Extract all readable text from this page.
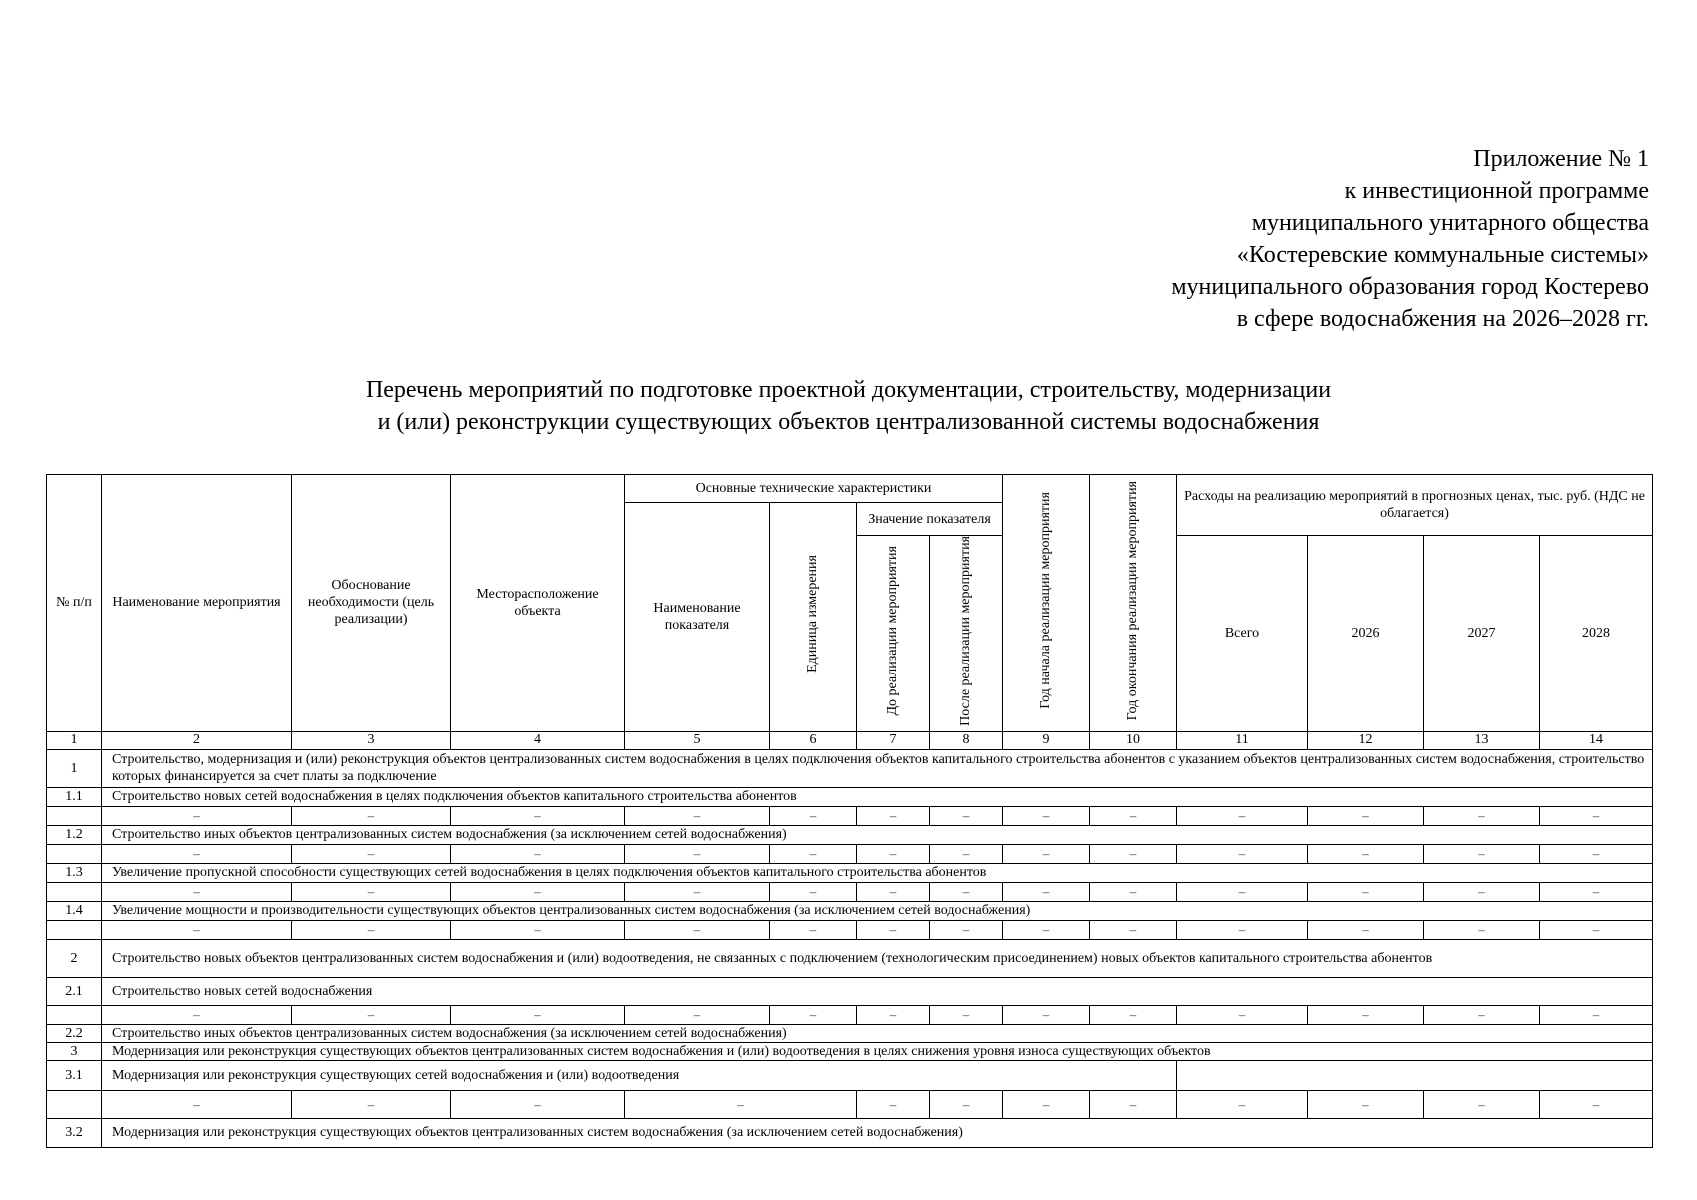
Приложение № 1
к инвестиционной программе
муниципального унитарного общества
«Костеревские коммунальные системы»
муниципального образования город Костерево
в сфере водоснабжения на 2026–2028 гг.
Перечень мероприятий по подготовке проектной документации, строительству, модернизации
и (или) реконструкции существующих объектов централизованной системы водоснабжения
№ п/п	Наименование мероприятия	Обоснование необходимости (цель реализации)	Месторасположение объекта	Основные технические характеристики				Год начала реализации мероприятия	Год окончания реализации мероприятия	Расходы на реализацию мероприятий в прогнозных ценах, тыс. руб. (НДС не облагается)			
				Наименование показателя	Единица измерения	Значение показателя							
						До реализации мероприятия	После реализации мероприятия			Всего	2026	2027	2028

1	2	3	4	5	6	7	8	9	10	11	12	13	14
1	Строительство, модернизация и (или) реконструкция объектов централизованных систем водоснабжения в целях подключения объектов капитального строительства абонентов с указанием объектов централизованных систем водоснабжения, строительство которых финансируется за счет платы за подключение												
1.1	Строительство новых сетей водоснабжения в целях подключения объектов капитального строительства абонентов												
	–	–	–	–	–	–	–	–	–	–	–	–	–
1.2	Строительство иных объектов централизованных систем водоснабжения (за исключением сетей водоснабжения)												
	–	–	–	–	–	–	–	–	–	–	–	–	–
1.3	Увеличение пропускной способности существующих сетей водоснабжения в целях подключения объектов капитального строительства абонентов												
	–	–	–	–	–	–	–	–	–	–	–	–	–
1.4	Увеличение мощности и производительности существующих объектов централизованных систем водоснабжения (за исключением сетей водоснабжения)												
	–	–	–	–	–	–	–	–	–	–	–	–	–
2	Строительство новых объектов централизованных систем водоснабжения и (или) водоотведения, не связанных с подключением (технологическим присоединением) новых объектов капитального строительства абонентов												
2.1	Строительство новых сетей водоснабжения												
	–	–	–	–	–	–	–	–	–	–	–	–	–
2.2	Строительство иных объектов централизованных систем водоснабжения (за исключением сетей водоснабжения)												
3	Модернизация или реконструкция существующих объектов централизованных систем водоснабжения и (или) водоотведения в целях снижения уровня износа существующих объектов												
3.1	Модернизация или реконструкция существующих сетей водоснабжения и (или) водоотведения												
	–	–	–	–		–	–	–	–	–	–	–	–
3.2	Модернизация или реконструкция существующих объектов централизованных систем водоснабжения (за исключением сетей водоснабжения)												
